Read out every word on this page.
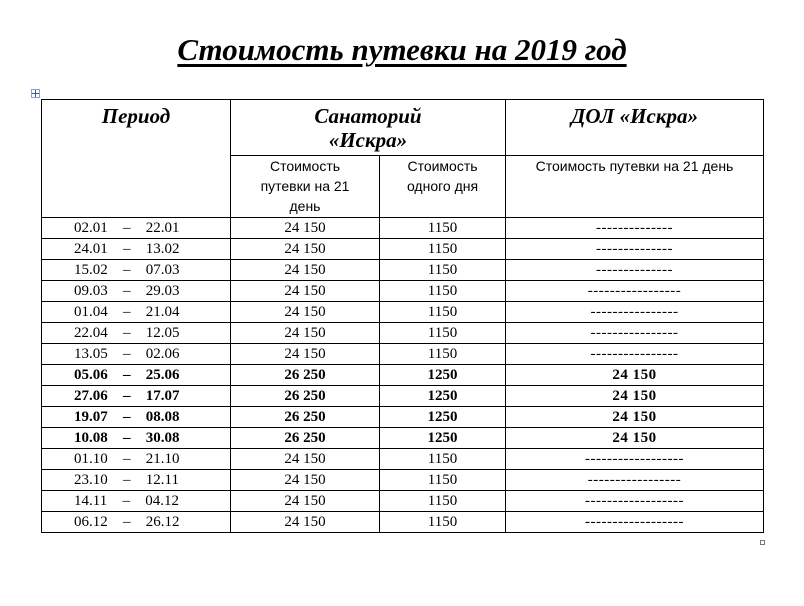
Стоимость путевки на 2019 год
Период	Санаторий «Искра»		ДОЛ «Искра»
	Стоимость путевки на 21 день	Стоимость одного дня	Стоимость путевки на 21 день
02.01 – 22.01	24 150	1150	--------------
24.01 – 13.02	24 150	1150	--------------
15.02 – 07.03	24 150	1150	--------------
09.03 – 29.03	24 150	1150	-----------------
01.04 – 21.04	24 150	1150	----------------
22.04 – 12.05	24 150	1150	----------------
13.05 – 02.06	24 150	1150	----------------
05.06 – 25.06	26 250	1250	24 150
27.06 – 17.07	26 250	1250	24 150
19.07 – 08.08	26 250	1250	24 150
10.08 – 30.08	26 250	1250	24 150
01.10 – 21.10	24 150	1150	------------------
23.10 – 12.11	24 150	1150	-----------------
14.11 – 04.12	24 150	1150	------------------
06.12 – 26.12	24 150	1150	------------------
